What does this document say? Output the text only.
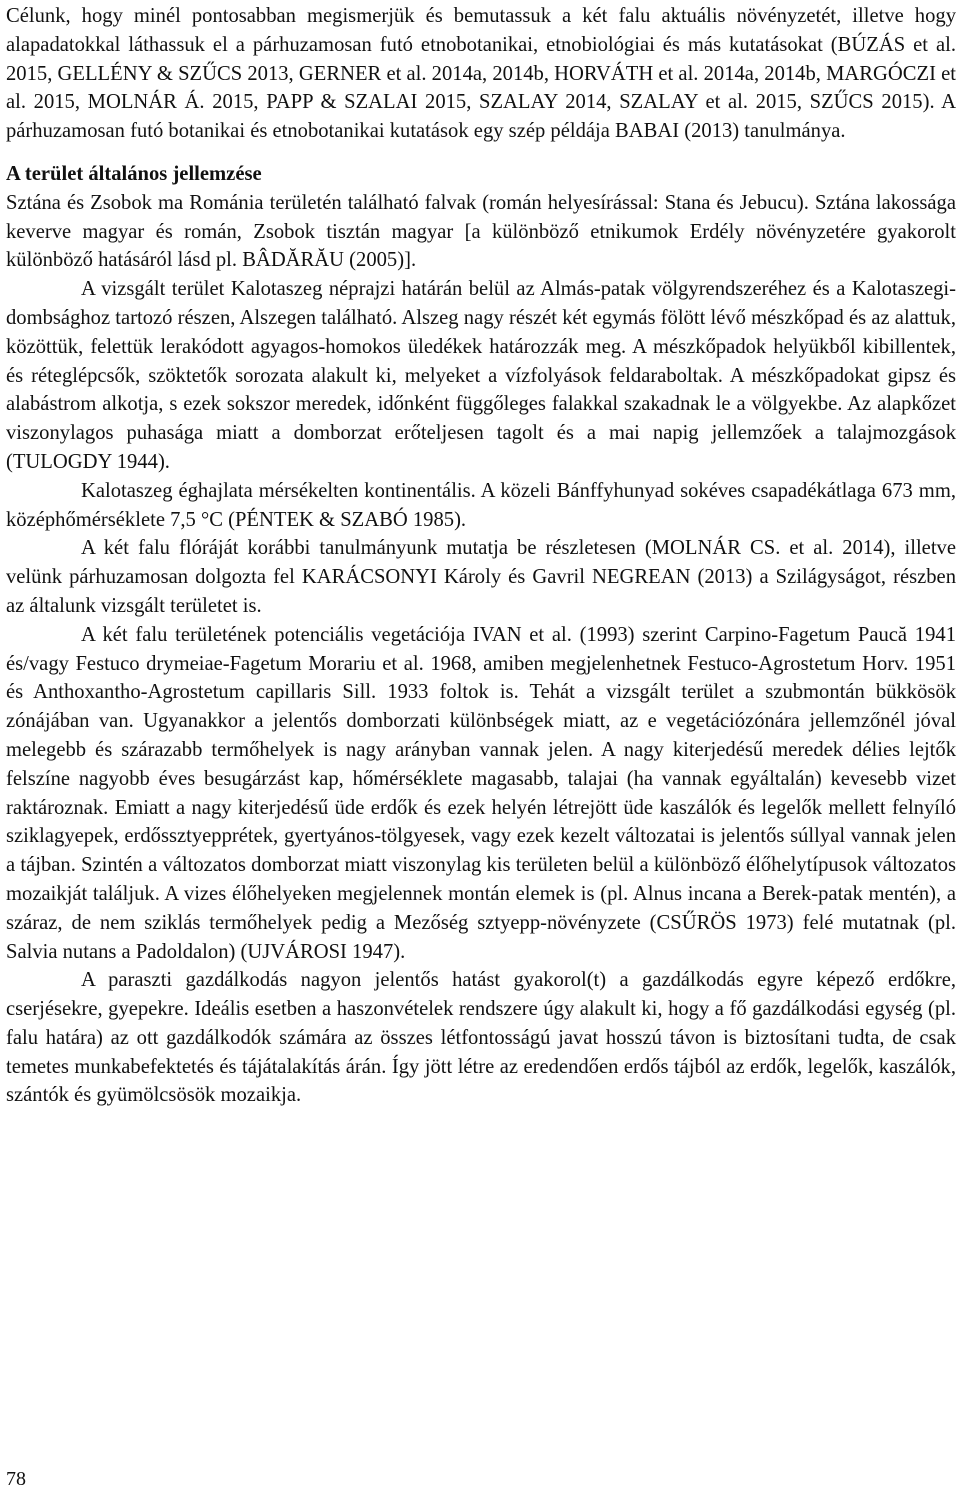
Célunk, hogy minél pontosabban megismerjük és bemutassuk a két falu aktuális növényzetét, illetve hogy alapadatokkal láthassuk el a párhuzamosan futó etnobotanikai, etnobiológiai és más kutatásokat (BÚZÁS et al. 2015, GELLÉNY & SZŰCS 2013, GERNER et al. 2014a, 2014b, HORVÁTH et al. 2014a, 2014b, MARGÓCZI et al. 2015, MOLNÁR Á. 2015, PAPP & SZALAI 2015, SZALAY 2014, SZALAY et al. 2015, SZŰCS 2015). A párhuzamosan futó botanikai és etnobotanikai kutatások egy szép példája BABAI (2013) tanulmánya.

A terület általános jellemzése

Sztána és Zsobok ma Románia területén található falvak (román helyesírással: Stana és Jebucu). Sztána lakossága keverve magyar és román, Zsobok tisztán magyar [a különböző etnikumok Erdély növényzetére gyakorolt különböző hatásáról lásd pl. BÂDĂRĂU (2005)].

A vizsgált terület Kalotaszeg néprajzi határán belül az Almás-patak völgyrendszeréhez és a Kalotaszegi-dombsághoz tartozó részen, Alszegen található. Alszeg nagy részét két egymás fölött lévő mészkőpad és az alattuk, közöttük, felettük lerakódott agyagos-homokos üledékek határozzák meg. A mészkőpadok helyükből kibillentek, és réteglépcsők, szöktetők sorozata alakult ki, melyeket a vízfolyások feldaraboltak. A mészkőpadokat gipsz és alabástrom alkotja, s ezek sokszor meredek, időnként függőleges falakkal szakadnak le a völgyekbe. Az alapkőzet viszonylagos puhasága miatt a domborzat erőteljesen tagolt és a mai napig jellemzőek a talajmozgások (TULOGDY 1944).

Kalotaszeg éghajlata mérsékelten kontinentális. A közeli Bánffyhunyad sokéves csapadékátlaga 673 mm, középhőmérséklete 7,5 °C (PÉNTEK & SZABÓ 1985).

A két falu flóráját korábbi tanulmányunk mutatja be részletesen (MOLNÁR CS. et al. 2014), illetve velünk párhuzamosan dolgozta fel KARÁCSONYI Károly és Gavril NEGREAN (2013) a Szilágyságot, részben az általunk vizsgált területet is.

A két falu területének potenciális vegetációja IVAN et al. (1993) szerint Carpino-Fagetum Paucă 1941 és/vagy Festuco drymeiae-Fagetum Morariu et al. 1968, amiben megjelenhetnek Festuco-Agrostetum Horv. 1951 és Anthoxantho-Agrostetum capillaris Sill. 1933 foltok is. Tehát a vizsgált terület a szubmontán bükkösök zónájában van. Ugyanakkor a jelentős domborzati különbségek miatt, az e vegetációzónára jellemzőnél jóval melegebb és szárazabb termőhelyek is nagy arányban vannak jelen. A nagy kiterjedésű meredek délies lejtők felszíne nagyobb éves besugárzást kap, hőmérséklete magasabb, talajai (ha vannak egyáltalán) kevesebb vizet raktároznak. Emiatt a nagy kiterjedésű üde erdők és ezek helyén létrejött üde kaszálók és legelők mellett felnyíló sziklagyepek, erdőssztyepprétek, gyertyános-tölgyesek, vagy ezek kezelt változatai is jelentős súllyal vannak jelen a tájban. Szintén a változatos domborzat miatt viszonylag kis területen belül a különböző élőhelytípusok változatos mozaikját találjuk. A vizes élőhelyeken megjelennek montán elemek is (pl. Alnus incana a Berek-patak mentén), a száraz, de nem sziklás termőhelyek pedig a Mezőség sztyepp-növényzete (CSŰRÖS 1973) felé mutatnak (pl. Salvia nutans a Padoldalon) (UJVÁROSI 1947).

A paraszti gazdálkodás nagyon jelentős hatást gyakorol(t) a gazdálkodás egyre képező erdőkre, cserjésekre, gyepekre. Ideális esetben a haszonvételek rendszere úgy alakult ki, hogy a fő gazdálkodási egység (pl. falu határa) az ott gazdálkodók számára az összes létfontosságú javat hosszú távon is biztosítani tudta, de csak temetes munkabefektetés és tájátalakítás árán. Így jött létre az eredendően erdős tájból az erdők, legelők, kaszálók, szántók és gyümölcsösök mozaikja.

78
